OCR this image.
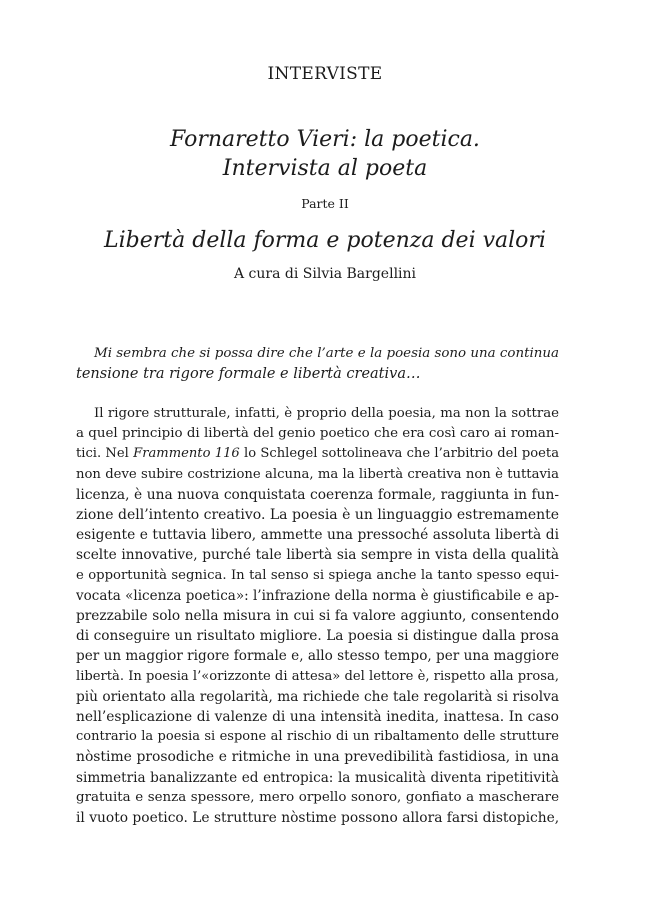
INTERVISTE
Fornaretto Vieri: la poetica.
Intervista al poeta
Parte II
Libertà della forma e potenza dei valori
A cura di Silvia Bargellini
Mi sembra che si possa dire che l’arte e la poesia sono una continua
tensione tra rigore formale e libertà creativa…
Il rigore strutturale, infatti, è proprio della poesia, ma non la sottrae
a quel principio di libertà del genio poetico che era così caro ai roman-
tici. Nel Frammento 116 lo Schlegel sottolineava che l’arbitrio del poeta
non deve subire costrizione alcuna, ma la libertà creativa non è tuttavia
licenza, è una nuova conquistata coerenza formale, raggiunta in fun-
zione dell’intento creativo. La poesia è un linguaggio estremamente
esigente e tuttavia libero, ammette una pressoché assoluta libertà di
scelte innovative, purché tale libertà sia sempre in vista della qualità
e opportunità segnica. In tal senso si spiega anche la tanto spesso equi-
vocata «licenza poetica»: l’infrazione della norma è giustificabile e ap-
prezzabile solo nella misura in cui si fa valore aggiunto, consentendo
di conseguire un risultato migliore. La poesia si distingue dalla prosa
per un maggior rigore formale e, allo stesso tempo, per una maggiore
libertà. In poesia l’«orizzonte di attesa» del lettore è, rispetto alla prosa,
più orientato alla regolarità, ma richiede che tale regolarità si risolva
nell’esplicazione di valenze di una intensità inedita, inattesa. In caso
contrario la poesia si espone al rischio di un ribaltamento delle strutture
nòstime prosodiche e ritmiche in una prevedibilità fastidiosa, in una
simmetria banalizzante ed entropica: la musicalità diventa ripetitività
gratuita e senza spessore, mero orpello sonoro, gonfiato a mascherare
il vuoto poetico. Le strutture nòstime possono allora farsi distopiche,
